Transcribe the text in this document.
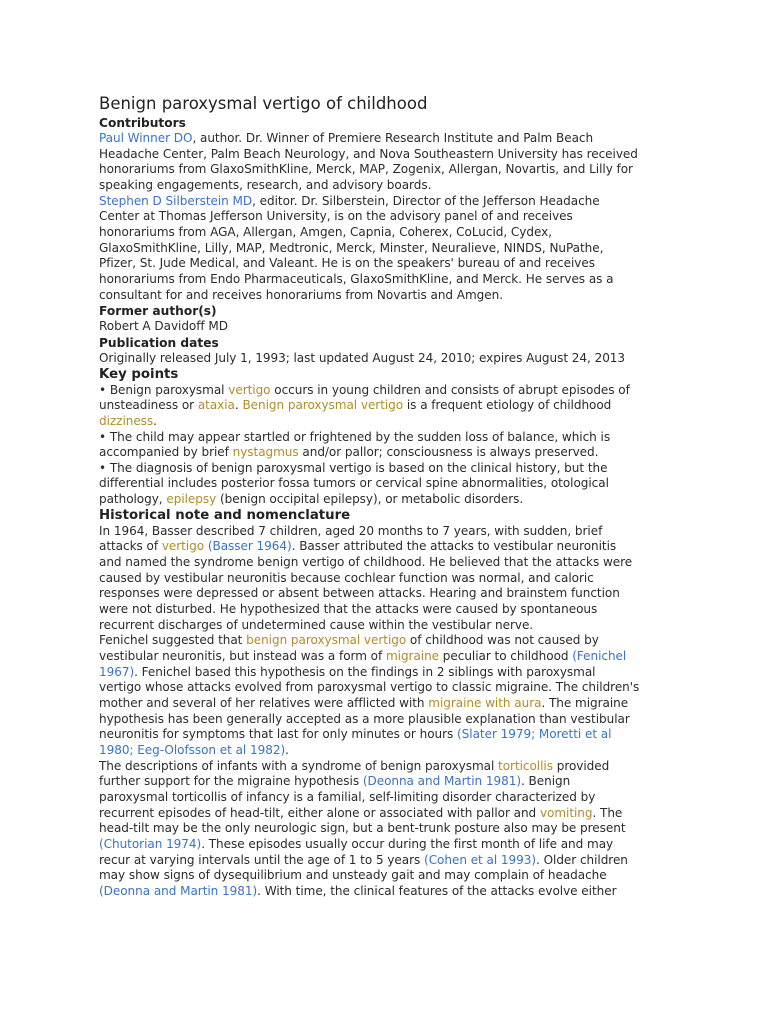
Benign paroxysmal vertigo of childhood
Contributors
Paul Winner DO, author. Dr. Winner of Premiere Research Institute and Palm Beach
Headache Center, Palm Beach Neurology, and Nova Southeastern University has received
honorariums from GlaxoSmithKline, Merck, MAP, Zogenix, Allergan, Novartis, and Lilly for
speaking engagements, research, and advisory boards.
Stephen D Silberstein MD, editor. Dr. Silberstein, Director of the Jefferson Headache
Center at Thomas Jefferson University, is on the advisory panel of and receives
honorariums from AGA, Allergan, Amgen, Capnia, Coherex, CoLucid, Cydex,
GlaxoSmithKline, Lilly, MAP, Medtronic, Merck, Minster, Neuralieve, NINDS, NuPathe,
Pfizer, St. Jude Medical, and Valeant. He is on the speakers' bureau of and receives
honorariums from Endo Pharmaceuticals, GlaxoSmithKline, and Merck. He serves as a
consultant for and receives honorariums from Novartis and Amgen.
Former author(s)
Robert A Davidoff MD
Publication dates
Originally released July 1, 1993; last updated August 24, 2010; expires August 24, 2013
Key points
• Benign paroxysmal vertigo occurs in young children and consists of abrupt episodes of
unsteadiness or ataxia. Benign paroxysmal vertigo is a frequent etiology of childhood
dizziness.
• The child may appear startled or frightened by the sudden loss of balance, which is
accompanied by brief nystagmus and/or pallor; consciousness is always preserved.
• The diagnosis of benign paroxysmal vertigo is based on the clinical history, but the
differential includes posterior fossa tumors or cervical spine abnormalities, otological
pathology, epilepsy (benign occipital epilepsy), or metabolic disorders.
Historical note and nomenclature
In 1964, Basser described 7 children, aged 20 months to 7 years, with sudden, brief
attacks of vertigo (Basser 1964). Basser attributed the attacks to vestibular neuronitis
and named the syndrome benign vertigo of childhood. He believed that the attacks were
caused by vestibular neuronitis because cochlear function was normal, and caloric
responses were depressed or absent between attacks. Hearing and brainstem function
were not disturbed. He hypothesized that the attacks were caused by spontaneous
recurrent discharges of undetermined cause within the vestibular nerve.
Fenichel suggested that benign paroxysmal vertigo of childhood was not caused by
vestibular neuronitis, but instead was a form of migraine peculiar to childhood (Fenichel
1967). Fenichel based this hypothesis on the findings in 2 siblings with paroxysmal
vertigo whose attacks evolved from paroxysmal vertigo to classic migraine. The children's
mother and several of her relatives were afflicted with migraine with aura. The migraine
hypothesis has been generally accepted as a more plausible explanation than vestibular
neuronitis for symptoms that last for only minutes or hours (Slater 1979; Moretti et al
1980; Eeg-Olofsson et al 1982).
The descriptions of infants with a syndrome of benign paroxysmal torticollis provided
further support for the migraine hypothesis (Deonna and Martin 1981). Benign
paroxysmal torticollis of infancy is a familial, self-limiting disorder characterized by
recurrent episodes of head-tilt, either alone or associated with pallor and vomiting. The
head-tilt may be the only neurologic sign, but a bent-trunk posture also may be present
(Chutorian 1974). These episodes usually occur during the first month of life and may
recur at varying intervals until the age of 1 to 5 years (Cohen et al 1993). Older children
may show signs of dysequilibrium and unsteady gait and may complain of headache
(Deonna and Martin 1981). With time, the clinical features of the attacks evolve either
